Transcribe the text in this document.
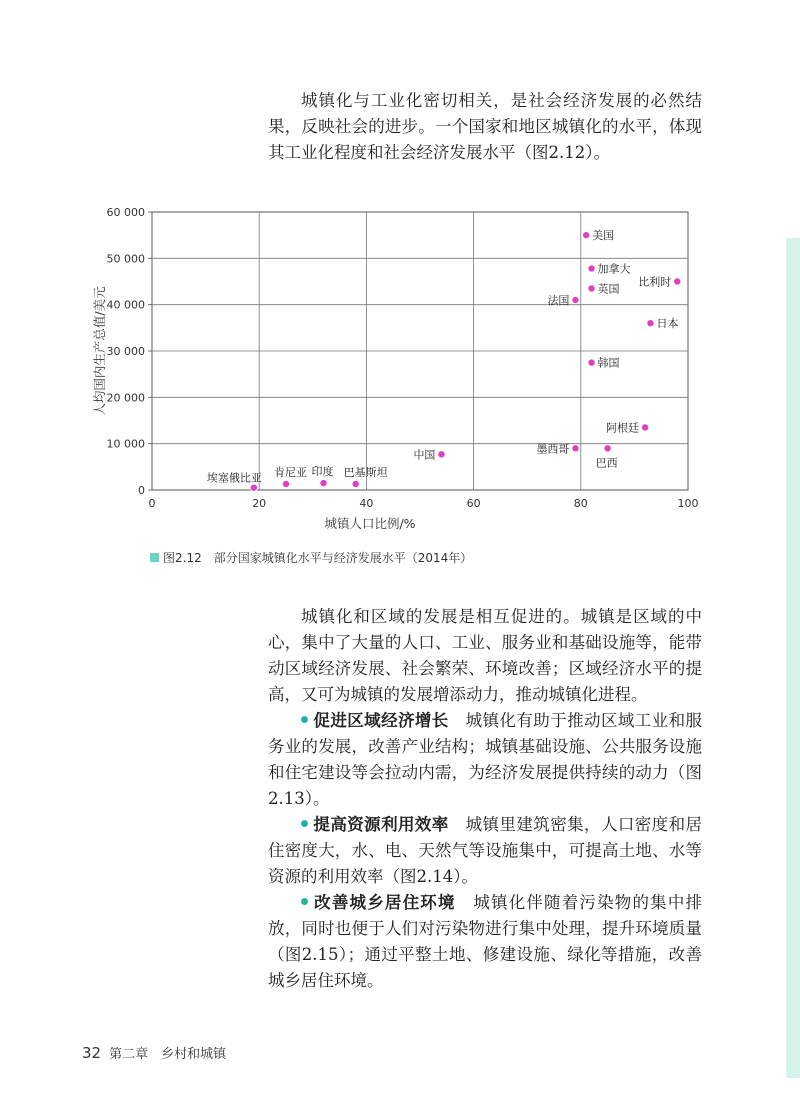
城镇化与工业化密切相关，是社会经济发展的必然结果，反映社会的进步。一个国家和地区城镇化的水平，体现其工业化程度和社会经济发展水平（图2.12）。

0	20	40	60	80	100
0
10 000
20 000
30 000
40 000
50 000
60 000
城镇人口比例/%
人均国内生产总值/美元
美国
加拿大
英国
比利时
法国
日本
韩国
阿根廷
墨西哥
巴西
中国
埃塞俄比亚 肯尼亚 印度 巴基斯坦
图2.12　 部分国家城镇化水平与经济发展水平（2014年）

城镇化和区域的发展是相互促进的。城镇是区域的中心，集中了大量的人口、工业、服务业和基础设施等，能带动区域经济发展、社会繁荣、环境改善；区域经济水平的提高，又可为城镇的发展增添动力，推动城镇化进程。

促进区域经济增长　 城镇化有助于推动区域工业和服务业的发展，改善产业结构；城镇基础设施、公共服务设施和住宅建设等会拉动内需，为经济发展提供持续的动力（图2.13）。

提高资源利用效率　 城镇里建筑密集，人口密度和居住密度大，水、电、天然气等设施集中，可提高土地、水等资源的利用效率（图2.14）。

改善城乡居住环境　 城镇化伴随着污染物的集中排放，同时也便于人们对污染物进行集中处理，提升环境质量（图2.15）；通过平整土地、修建设施、绿化等措施，改善城乡居住环境。

32 第二章　乡村和城镇
